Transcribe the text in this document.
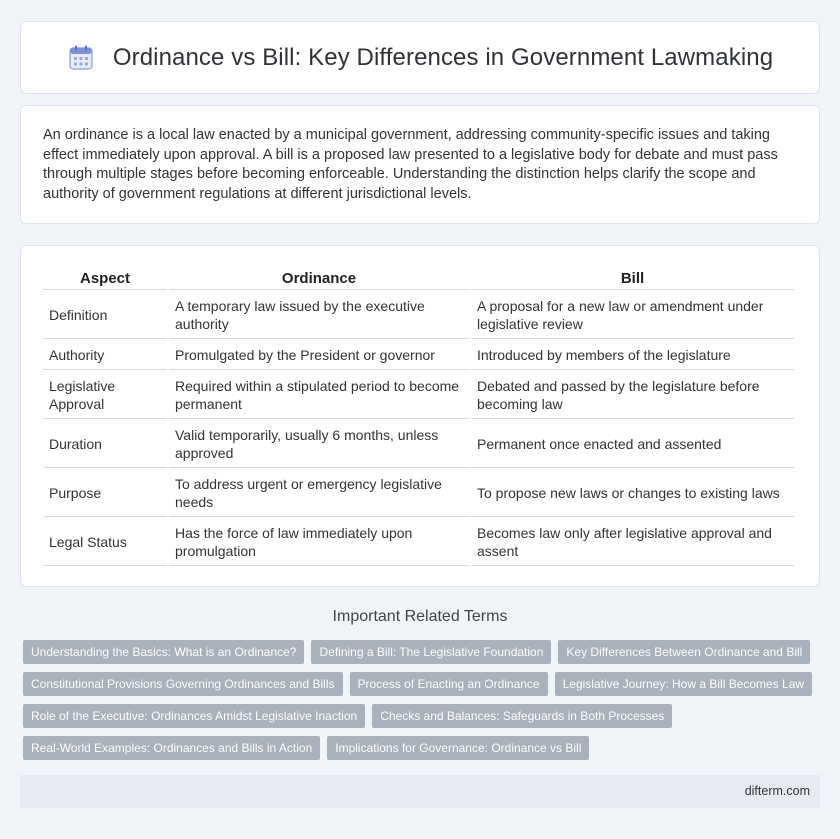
Ordinance vs Bill: Key Differences in Government Lawmaking

An ordinance is a local law enacted by a municipal government, addressing community-specific issues and taking effect immediately upon approval. A bill is a proposed law presented to a legislative body for debate and must pass through multiple stages before becoming enforceable. Understanding the distinction helps clarify the scope and authority of government regulations at different jurisdictional levels.

Aspect	Ordinance	Bill
Definition	A temporary law issued by the executive authority	A proposal for a new law or amendment under legislative review
Authority	Promulgated by the President or governor	Introduced by members of the legislature
Legislative Approval	Required within a stipulated period to become permanent	Debated and passed by the legislature before becoming law
Duration	Valid temporarily, usually 6 months, unless approved	Permanent once enacted and assented
Purpose	To address urgent or emergency legislative needs	To propose new laws or changes to existing laws
Legal Status	Has the force of law immediately upon promulgation	Becomes law only after legislative approval and assent
Important Related Terms
Understanding the Basics: What is an Ordinance?	Defining a Bill: The Legislative Foundation	Key Differences Between Ordinance and Bill
Constitutional Provisions Governing Ordinances and Bills	Process of Enacting an Ordinance	Legislative Journey: How a Bill Becomes Law
Role of the Executive: Ordinances Amidst Legislative Inaction	Checks and Balances: Safeguards in Both Processes
Real-World Examples: Ordinances and Bills in Action	Implications for Governance: Ordinance vs Bill
difterm.com
